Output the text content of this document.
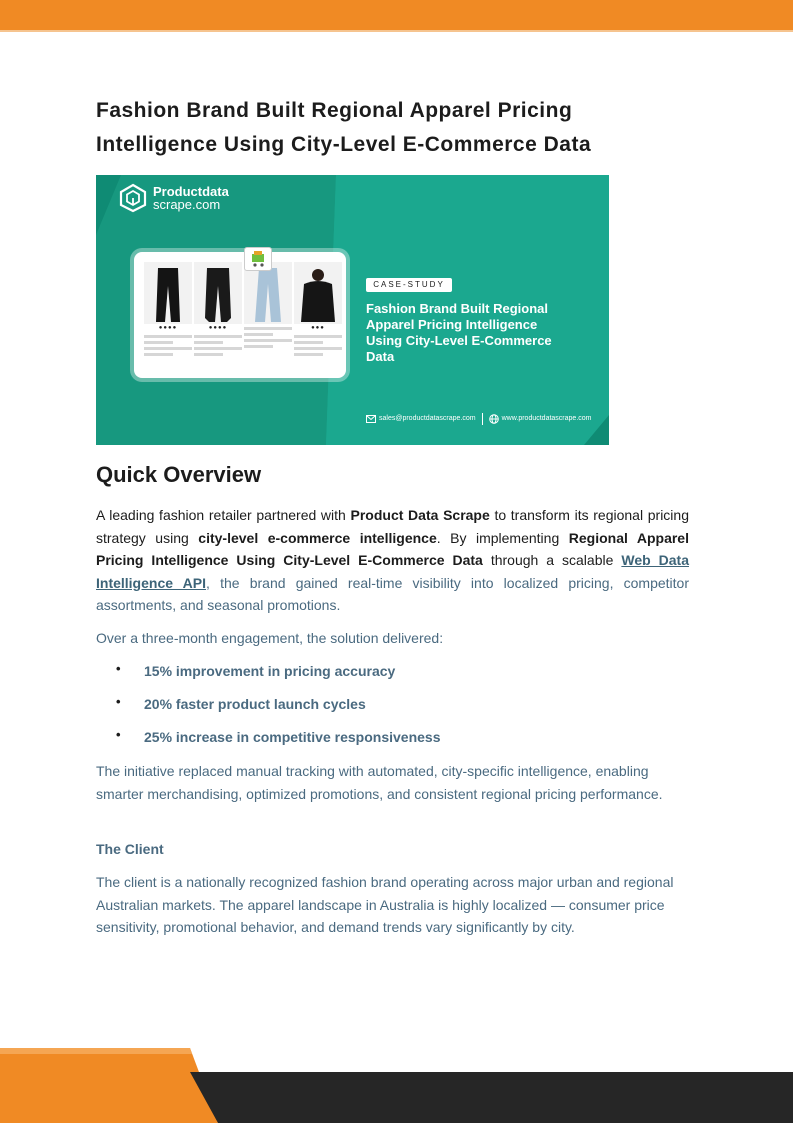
Fashion Brand Built Regional Apparel Pricing
Intelligence Using City-Level E-Commerce Data
Productdata
scrape.com
●●●●	●●●●	●●●
CASE-STUDY
Fashion Brand Built Regional
Apparel Pricing Intelligence
Using City-Level E-Commerce
Data
sales@productdatascrape.com	www.productdatascrape.com
Quick Overview

A leading fashion retailer partnered with Product Data Scrape to transform its regional pricing strategy using city-level e-commerce intelligence. By implementing Regional Apparel Pricing Intelligence Using City-Level E-Commerce Data through a scalable Web Data Intelligence API, the brand gained real-time visibility into localized pricing, competitor assortments, and seasonal promotions.

Over a three-month engagement, the solution delivered:

• 15% improvement in pricing accuracy
• 20% faster product launch cycles
• 25% increase in competitive responsiveness

The initiative replaced manual tracking with automated, city-specific intelligence, enabling smarter merchandising, optimized promotions, and consistent regional pricing performance.

The Client

The client is a nationally recognized fashion brand operating across major urban and regional Australian markets. The apparel landscape in Australia is highly localized — consumer price sensitivity, promotional behavior, and demand trends vary significantly by city.
